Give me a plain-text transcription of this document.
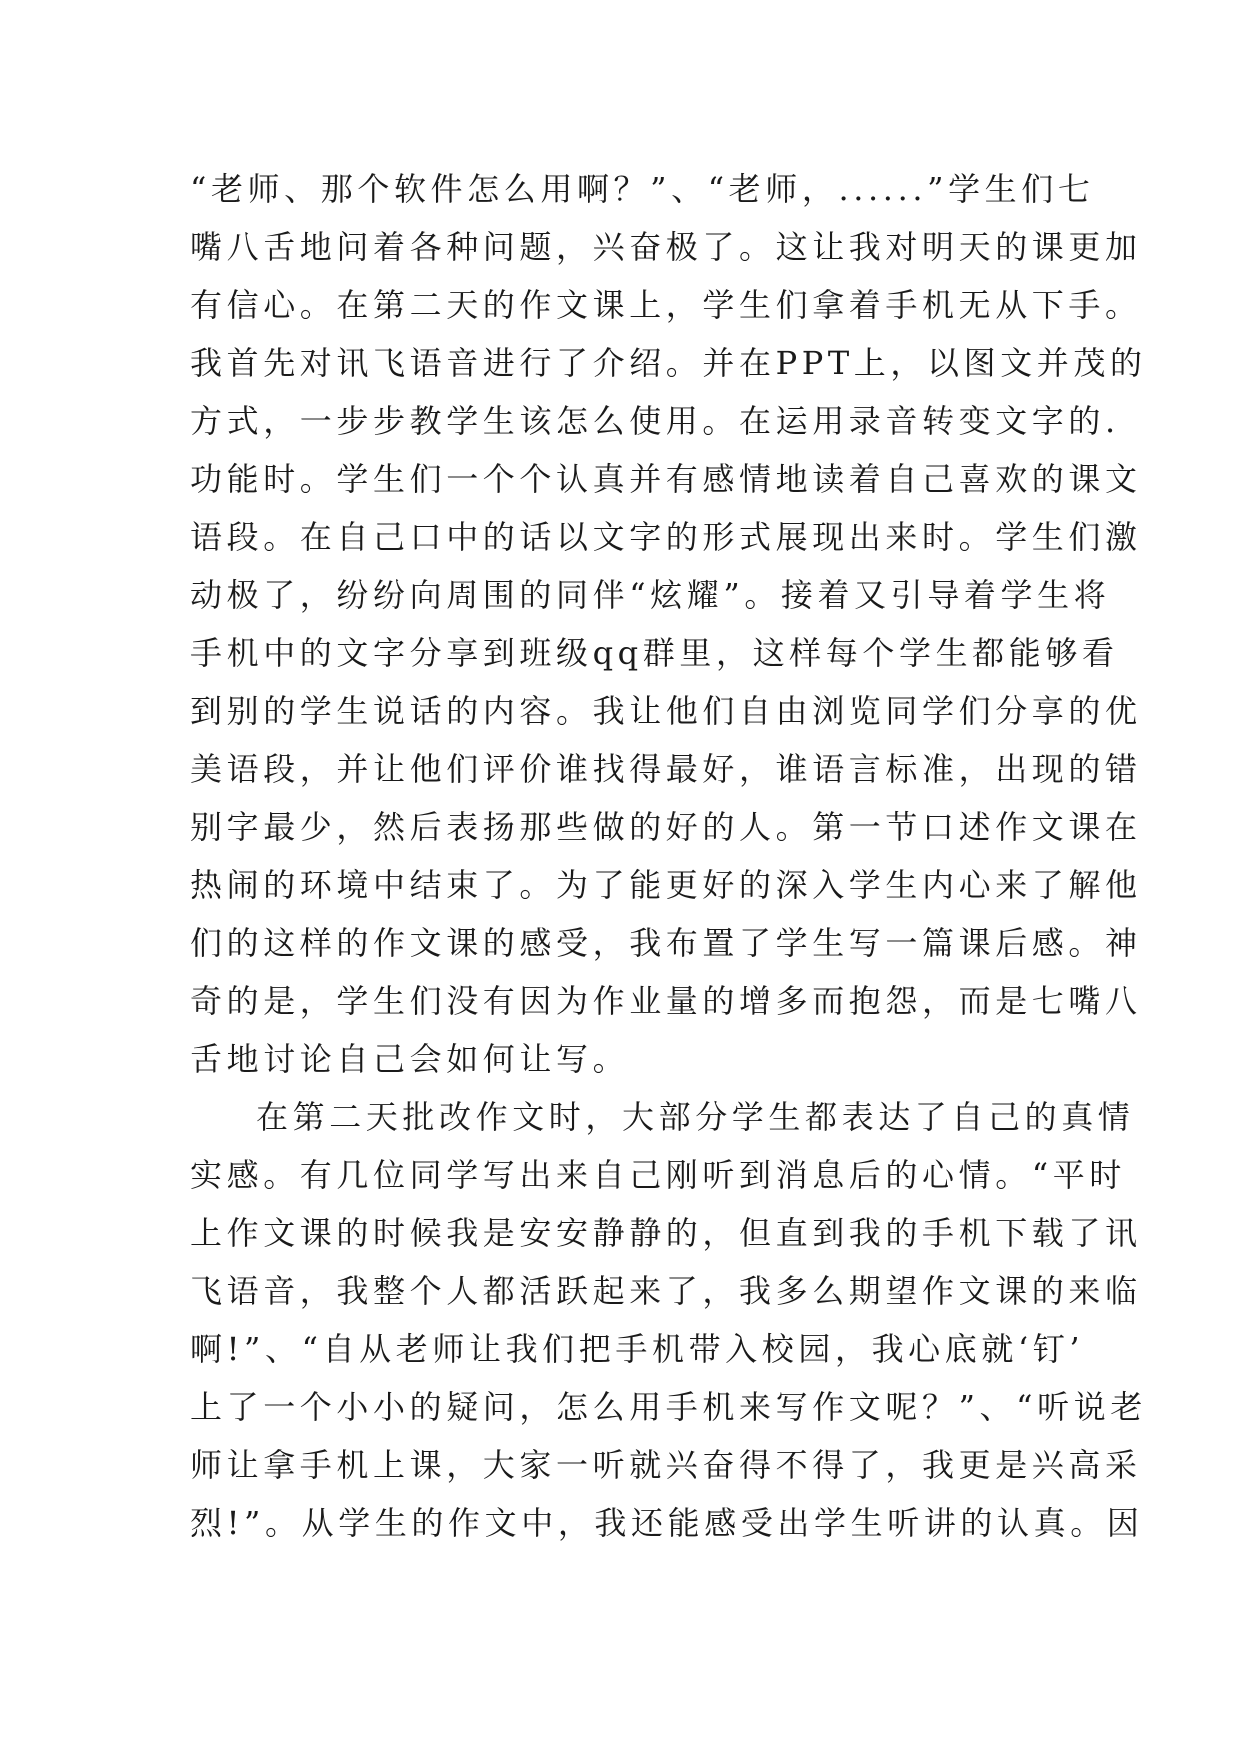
“老师、那个软件怎么用啊？”、“老师，......”学生们七
嘴八舌地问着各种问题，兴奋极了。这让我对明天的课更加
有信心。在第二天的作文课上，学生们拿着手机无从下手。
我首先对讯飞语音进行了介绍。并在PPT上，以图文并茂的
方式，一步步教学生该怎么使用。在运用录音转变文字的.
功能时。学生们一个个认真并有感情地读着自己喜欢的课文
语段。在自己口中的话以文字的形式展现出来时。学生们激
动极了，纷纷向周围的同伴“炫耀”。接着又引导着学生将
手机中的文字分享到班级qq群里，这样每个学生都能够看
到别的学生说话的内容。我让他们自由浏览同学们分享的优
美语段，并让他们评价谁找得最好，谁语言标准，出现的错
别字最少，然后表扬那些做的好的人。第一节口述作文课在
热闹的环境中结束了。为了能更好的深入学生内心来了解他
们的这样的作文课的感受，我布置了学生写一篇课后感。神
奇的是，学生们没有因为作业量的增多而抱怨，而是七嘴八
舌地讨论自己会如何让写。
在第二天批改作文时，大部分学生都表达了自己的真情
实感。有几位同学写出来自己刚听到消息后的心情。“平时
上作文课的时候我是安安静静的，但直到我的手机下载了讯
飞语音，我整个人都活跃起来了，我多么期望作文课的来临
啊!”、“自从老师让我们把手机带入校园，我心底就‘钉’
上了一个小小的疑问，怎么用手机来写作文呢？”、“听说老
师让拿手机上课，大家一听就兴奋得不得了，我更是兴高采
烈!”。从学生的作文中，我还能感受出学生听讲的认真。因
